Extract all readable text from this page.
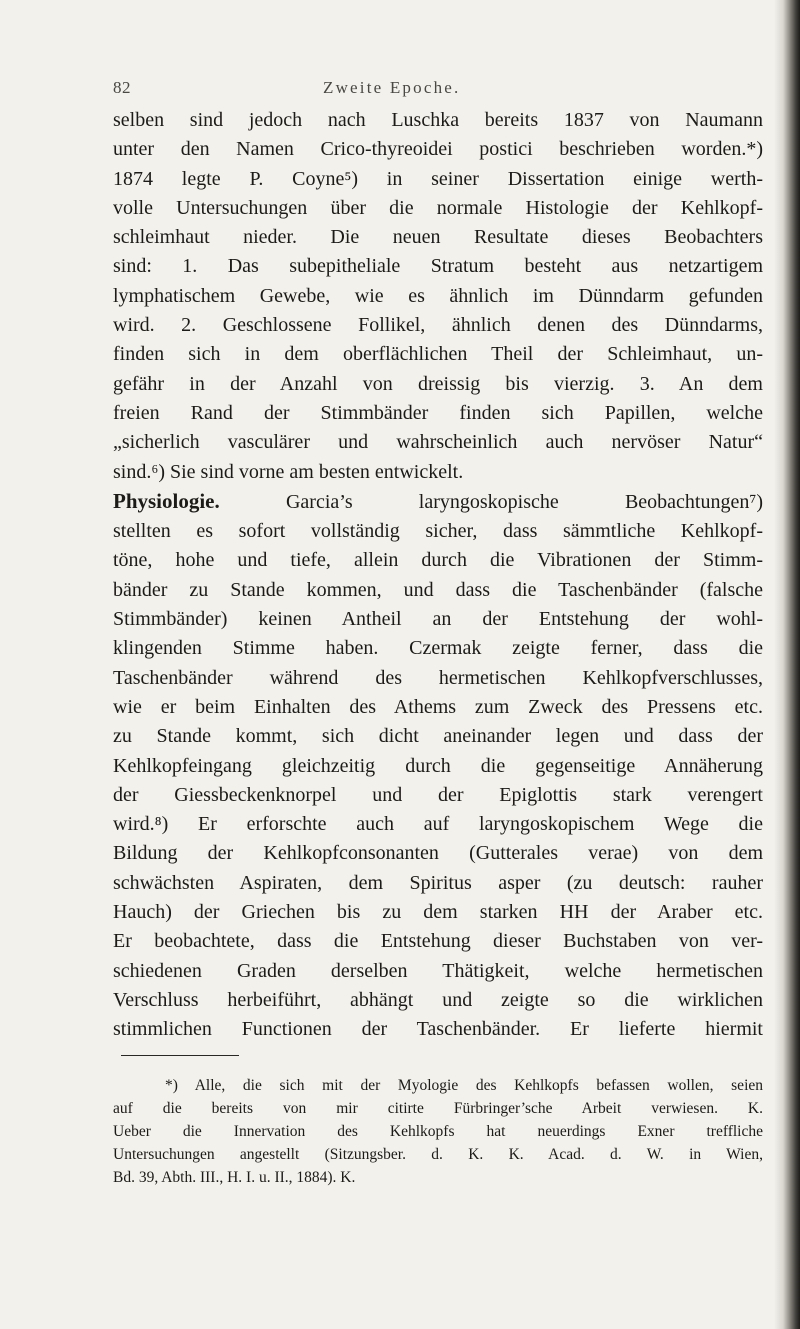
82	Zweite Epoche.
selben sind jedoch nach Luschka bereits 1837 von Naumann
unter den Namen Crico-thyreoidei postici beschrieben worden.*)
1874 legte P. Coyne⁵) in seiner Dissertation einige werth-
volle Untersuchungen über die normale Histologie der Kehlkopf-
schleimhaut nieder. Die neuen Resultate dieses Beobachters
sind: 1. Das subepitheliale Stratum besteht aus netzartigem
lymphatischem Gewebe, wie es ähnlich im Dünndarm gefunden
wird. 2. Geschlossene Follikel, ähnlich denen des Dünndarms,
finden sich in dem oberflächlichen Theil der Schleimhaut, un-
gefähr in der Anzahl von dreissig bis vierzig. 3. An dem
freien Rand der Stimmbänder finden sich Papillen, welche
„sicherlich vasculärer und wahrscheinlich auch nervöser Natur“
sind.⁶) Sie sind vorne am besten entwickelt.
Physiologie.	Garcia’s laryngoskopische Beobachtungen⁷)
stellten es sofort vollständig sicher, dass sämmtliche Kehlkopf-
töne, hohe und tiefe, allein durch die Vibrationen der Stimm-
bänder zu Stande kommen, und dass die Taschenbänder (falsche
Stimmbänder) keinen Antheil an der Entstehung der wohl-
klingenden Stimme haben. Czermak zeigte ferner, dass die
Taschenbänder während des hermetischen Kehlkopfverschlusses,
wie er beim Einhalten des Athems zum Zweck des Pressens etc.
zu Stande kommt, sich dicht aneinander legen und dass der
Kehlkopfeingang gleichzeitig durch die gegenseitige Annäherung
der Giessbeckenknorpel und der Epiglottis stark verengert
wird.⁸) Er erforschte auch auf laryngoskopischem Wege die
Bildung der Kehlkopfconsonanten (Gutterales verae) von dem
schwächsten Aspiraten, dem Spiritus asper (zu deutsch: rauher
Hauch) der Griechen bis zu dem starken HH der Araber etc.
Er beobachtete, dass die Entstehung dieser Buchstaben von ver-
schiedenen Graden derselben Thätigkeit, welche hermetischen
Verschluss herbeiführt, abhängt und zeigte so die wirklichen
stimmlichen Functionen der Taschenbänder. Er lieferte hiermit
*) Alle, die sich mit der Myologie des Kehlkopfs befassen wollen, seien
auf die bereits von mir citirte Fürbringer’sche Arbeit verwiesen. K.
Ueber die Innervation des Kehlkopfs hat neuerdings Exner treffliche
Untersuchungen angestellt (Sitzungsber. d. K. K. Acad. d. W. in Wien,
Bd. 39, Abth. III., H. I. u. II., 1884). K.
